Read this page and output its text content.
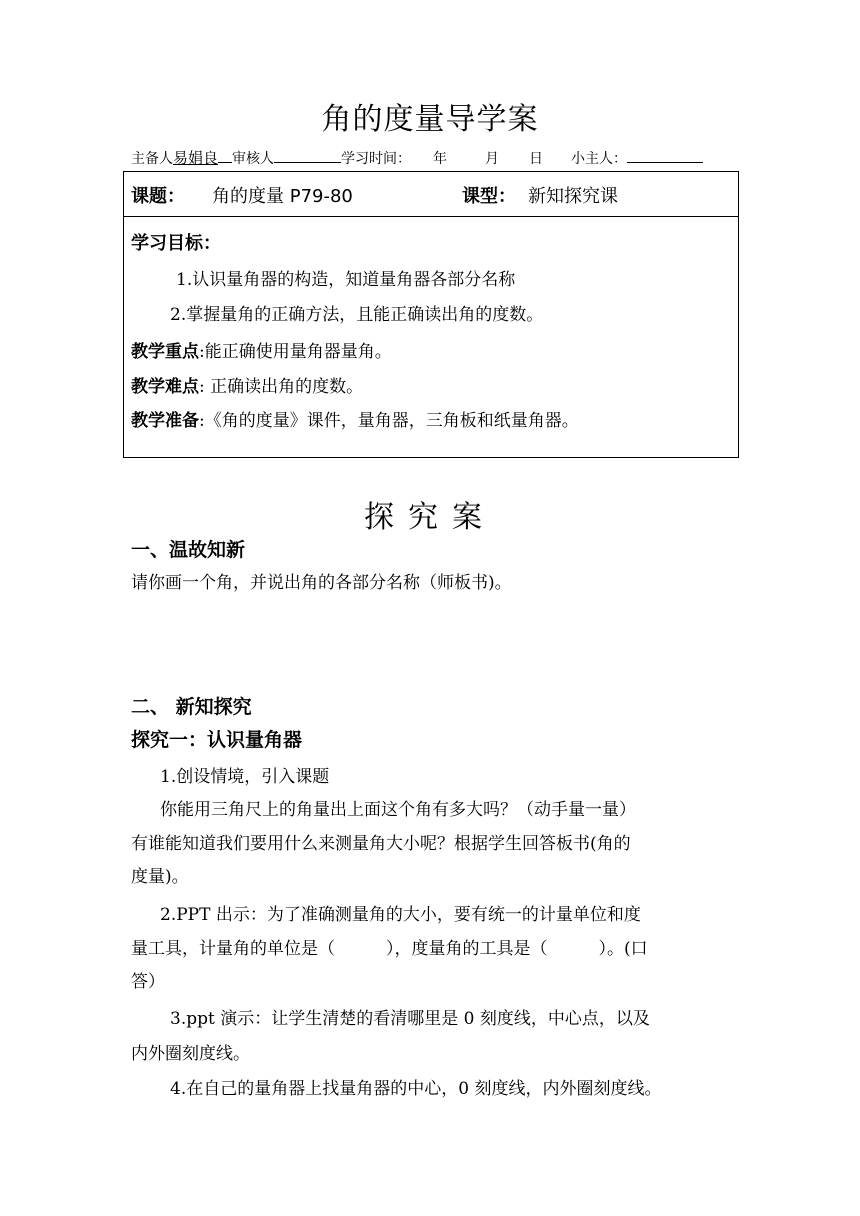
角的度量导学案
主备人易娟良 审核人	学习时间： 年	月 日 小主人：
课题： 角的度量 P79-80	课型： 新知探究课
学习目标：
1.认识量角器的构造，知道量角器各部分名称
2.掌握量角的正确方法，且能正确读出角的度数。
教学重点:能正确使用量角器量角。
教学难点: 正确读出角的度数。
教学准备:《角的度量》课件，量角器，三角板和纸量角器。
探究案
一、温故知新
请你画一个角，并说出角的各部分名称（师板书)。
二、 新知探究
探究一：认识量角器
1.创设情境，引入课题
你能用三角尺上的角量出上面这个角有多大吗？（动手量一量）
有谁能知道我们要用什么来测量角大小呢？根据学生回答板书(角的
度量)。
2.PPT 出示：为了准确测量角的大小，要有统一的计量单位和度
量工具，计量角的单位是（　　　），度量角的工具是（　　　）。(口
答）
3.ppt 演示：让学生清楚的看清哪里是 0 刻度线，中心点，以及
内外圈刻度线。
4.在自己的量角器上找量角器的中心，0 刻度线，内外圈刻度线。
